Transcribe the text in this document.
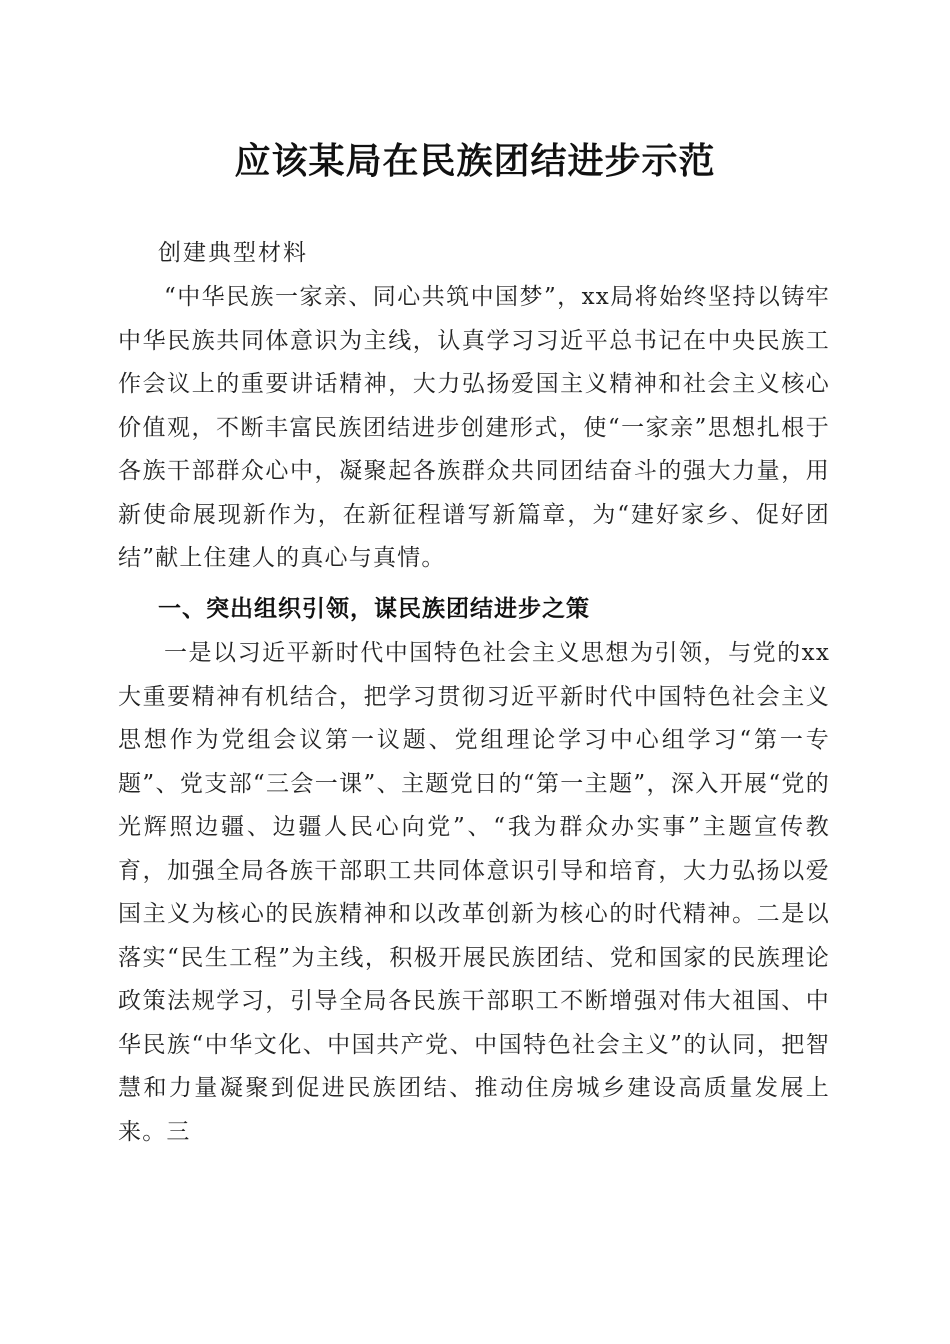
应该某局在民族团结进步示范
创建典型材料

“中华民族一家亲、同心共筑中国梦”，xx局将始终坚持以铸牢中华民族共同体意识为主线，认真学习习近平总书记在中央民族工作会议上的重要讲话精神，大力弘扬爱国主义精神和社会主义核心价值观，不断丰富民族团结进步创建形式，使“一家亲”思想扎根于各族干部群众心中，凝聚起各族群众共同团结奋斗的强大力量，用新使命展现新作为，在新征程谱写新篇章，为“建好家乡、促好团结”献上住建人的真心与真情。

一、突出组织引领，谋民族团结进步之策

一是以习近平新时代中国特色社会主义思想为引领，与党的xx大重要精神有机结合，把学习贯彻习近平新时代中国特色社会主义思想作为党组会议第一议题、党组理论学习中心组学习“第一专题”、党支部“三会一课”、主题党日的“第一主题”，深入开展“党的光辉照边疆、边疆人民心向党”、“我为群众办实事”主题宣传教育，加强全局各族干部职工共同体意识引导和培育，大力弘扬以爱国主义为核心的民族精神和以改革创新为核心的时代精神。二是以落实“民生工程”为主线，积极开展民族团结、党和国家的民族理论政策法规学习，引导全局各民族干部职工不断增强对伟大祖国、中华民族“中华文化、中国共产党、中国特色社会主义”的认同，把智慧和力量凝聚到促进民族团结、推动住房城乡建设高质量发展上来。三
